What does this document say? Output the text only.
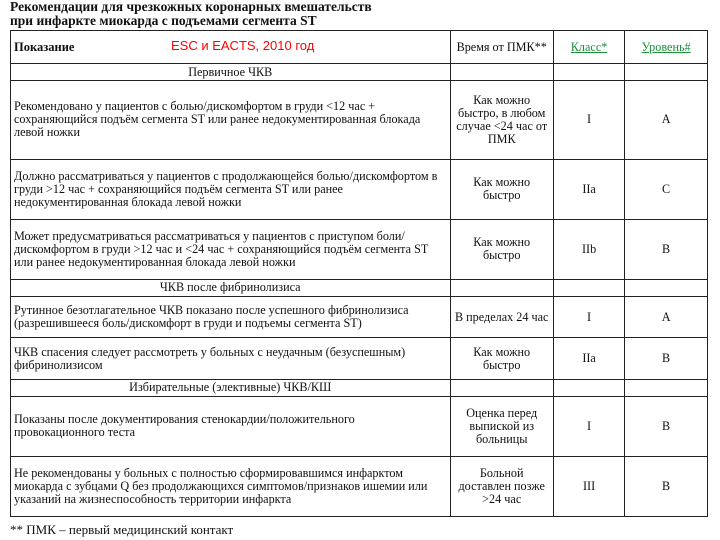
Рекомендации для чрезкожных коронарных вмешательств
при инфаркте миокарда с подъемами сегмента ST
Показание ESC и EACTS, 2010 год	Время от ПМК**	Класс*	Уровень#
Первичное ЧКВ			
Рекомендовано у пациентов с болью/дискомфортом в груди <12 час + сохраняющийся подъём сегмента ST или ранее недокументированная блокада левой ножки	Как можно быстро, в любом случае <24 час от ПМК	I	A
Должно рассматриваться у пациентов с продолжающейся болью/дискомфортом в груди >12 час + сохраняющийся подъём сегмента ST или ранее недокументированная блокада левой ножки	Как можно быстро	IIa	C
Может предусматриваться рассматриваться у пациентов с приступом боли/дискомфортом в груди >12 час и <24 час + сохраняющийся подъём сегмента ST или ранее недокументированная блокада левой ножки	Как можно быстро	IIb	B
ЧКВ после фибринолизиса			
Рутинное безотлагательное ЧКВ показано после успешного фибринолизиса (разрешившееся боль/дискомфорт в груди и подъемы сегмента ST)	В пределах 24 час	I	A
ЧКВ спасения следует рассмотреть у больных с неудачным (безуспешным) фибринолизисом	Как можно быстро	IIa	B
Избирательные (элективные) ЧКВ/КШ			
Показаны после документирования стенокардии/положительного провокационного теста	Оценка перед выпиской из больницы	I	B
Не рекомендованы у больных с полностью сформировавшимся инфарктом миокарда с зубцами Q без продолжающихся симптомов/признаков ишемии или указаний на жизнеспособность территории инфаркта	Больной доставлен позже >24 час	III	B
** ПМК – первый медицинский контакт
